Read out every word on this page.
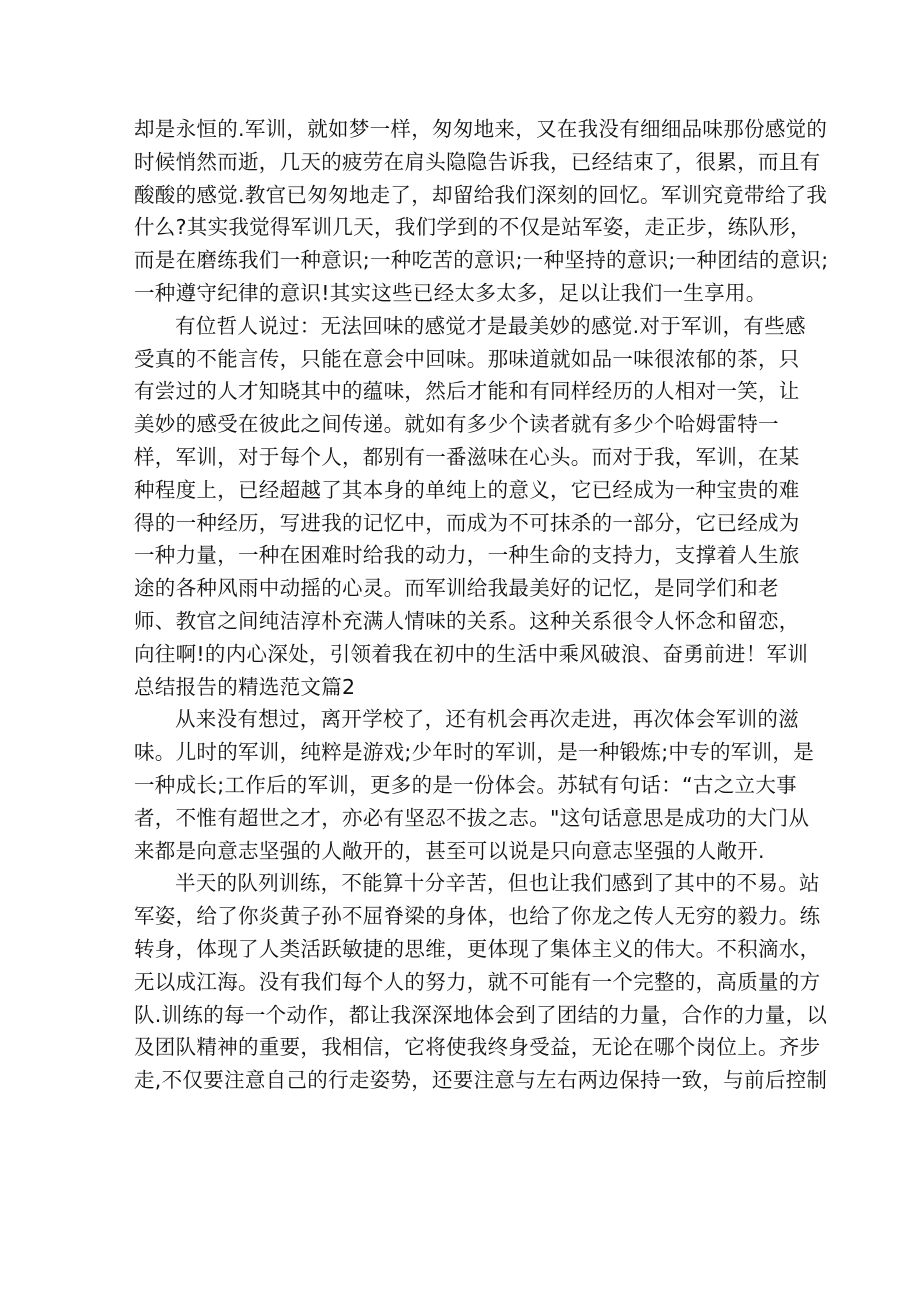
却是永恒的.军训，就如梦一样，匆匆地来，又在我没有细细品味那份感觉的
时候悄然而逝，几天的疲劳在肩头隐隐告诉我，已经结束了，很累，而且有
酸酸的感觉.教官已匆匆地走了，却留给我们深刻的回忆。军训究竟带给了我
什么?其实我觉得军训几天，我们学到的不仅是站军姿，走正步，练队形，
而是在磨练我们一种意识;一种吃苦的意识;一种坚持的意识;一种团结的意识;
一种遵守纪律的意识!其实这些已经太多太多，足以让我们一生享用。
有位哲人说过：无法回味的感觉才是最美妙的感觉.对于军训，有些感
受真的不能言传，只能在意会中回味。那味道就如品一味很浓郁的茶，只
有尝过的人才知晓其中的蕴味，然后才能和有同样经历的人相对一笑，让
美妙的感受在彼此之间传递。就如有多少个读者就有多少个哈姆雷特一
样，军训，对于每个人，都别有一番滋味在心头。而对于我，军训，在某
种程度上，已经超越了其本身的单纯上的意义，它已经成为一种宝贵的难
得的一种经历，写进我的记忆中，而成为不可抹杀的一部分，它已经成为
一种力量，一种在困难时给我的动力，一种生命的支持力，支撑着人生旅
途的各种风雨中动摇的心灵。而军训给我最美好的记忆，是同学们和老
师、教官之间纯洁淳朴充满人情味的关系。这种关系很令人怀念和留恋，
向往啊!的内心深处，引领着我在初中的生活中乘风破浪、奋勇前进！军训
总结报告的精选范文篇2
从来没有想过，离开学校了，还有机会再次走进，再次体会军训的滋
味。儿时的军训，纯粹是游戏;少年时的军训，是一种锻炼;中专的军训，是
一种成长;工作后的军训，更多的是一份体会。苏轼有句话：“古之立大事
者，不惟有超世之才，亦必有坚忍不拔之志。"这句话意思是成功的大门从
来都是向意志坚强的人敞开的，甚至可以说是只向意志坚强的人敞开.
半天的队列训练，不能算十分辛苦，但也让我们感到了其中的不易。站
军姿，给了你炎黄子孙不屈脊梁的身体，也给了你龙之传人无穷的毅力。练
转身，体现了人类活跃敏捷的思维，更体现了集体主义的伟大。不积滴水，
无以成江海。没有我们每个人的努力，就不可能有一个完整的，高质量的方
队.训练的每一个动作，都让我深深地体会到了团结的力量，合作的力量，以
及团队精神的重要，我相信，它将使我终身受益，无论在哪个岗位上。齐步
走,不仅要注意自己的行走姿势，还要注意与左右两边保持一致，与前后控制
